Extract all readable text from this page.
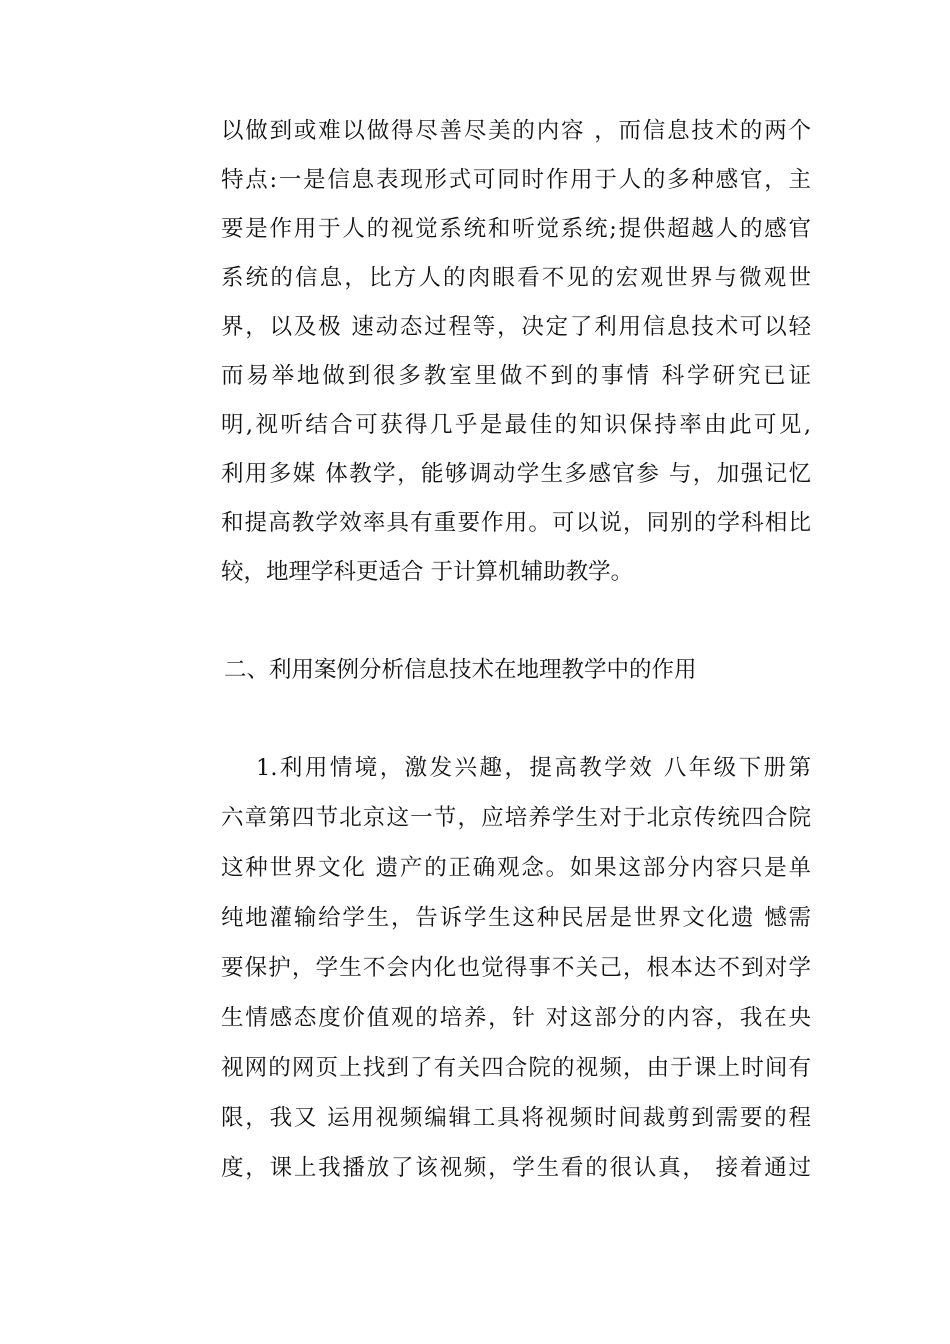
以做到或难以做得尽善尽美的内容 ，而信息技术的两个
特点:一是信息表现形式可同时作用于人的多种感官，主
要是作用于人的视觉系统和听觉系统;提供超越人的感官
系统的信息，比方人的肉眼看不见的宏观世界与微观世
界，以及极 速动态过程等，决定了利用信息技术可以轻
而易举地做到很多教室里做不到的事情 科学研究已证
明,视听结合可获得几乎是最佳的知识保持率由此可见,
利用多媒 体教学，能够调动学生多感官参 与，加强记忆
和提高教学效率具有重要作用。可以说，同别的学科相比
较，地理学科更适合 于计算机辅助教学。
二、利用案例分析信息技术在地理教学中的作用
1.利用情境，激发兴趣，提高教学效 八年级下册第
六章第四节北京这一节，应培养学生对于北京传统四合院
这种世界文化 遗产的正确观念。如果这部分内容只是单
纯地灌输给学生，告诉学生这种民居是世界文化遗 憾需
要保护，学生不会内化也觉得事不关己，根本达不到对学
生情感态度价值观的培养，针 对这部分的内容，我在央
视网的网页上找到了有关四合院的视频，由于课上时间有
限，我又 运用视频编辑工具将视频时间裁剪到需要的程
度，课上我播放了该视频，学生看的很认真， 接着通过
